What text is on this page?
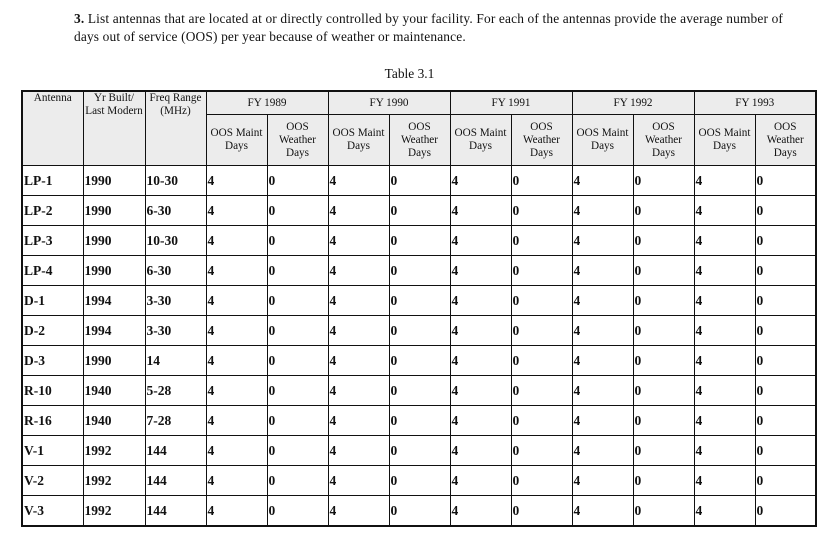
3. List antennas that are located at or directly controlled by your facility. For each of the antennas provide the average number of days out of service (OOS) per year because of weather or maintenance.
Table 3.1
Antenna	Yr Built/ Last Modern	Freq Range (MHz)	FY 1989		FY 1990		FY 1991		FY 1992		FY 1993	
			OOS Maint Days	OOS Weather Days	OOS Maint Days	OOS Weather Days	OOS Maint Days	OOS Weather Days	OOS Maint Days	OOS Weather Days	OOS Maint Days	OOS Weather Days
LP-1	1990	10-30	4	0	4	0	4	0	4	0	4	0
LP-2	1990	6-30	4	0	4	0	4	0	4	0	4	0
LP-3	1990	10-30	4	0	4	0	4	0	4	0	4	0
LP-4	1990	6-30	4	0	4	0	4	0	4	0	4	0
D-1	1994	3-30	4	0	4	0	4	0	4	0	4	0
D-2	1994	3-30	4	0	4	0	4	0	4	0	4	0
D-3	1990	14	4	0	4	0	4	0	4	0	4	0
R-10	1940	5-28	4	0	4	0	4	0	4	0	4	0
R-16	1940	7-28	4	0	4	0	4	0	4	0	4	0
V-1	1992	144	4	0	4	0	4	0	4	0	4	0
V-2	1992	144	4	0	4	0	4	0	4	0	4	0
V-3	1992	144	4	0	4	0	4	0	4	0	4	0
